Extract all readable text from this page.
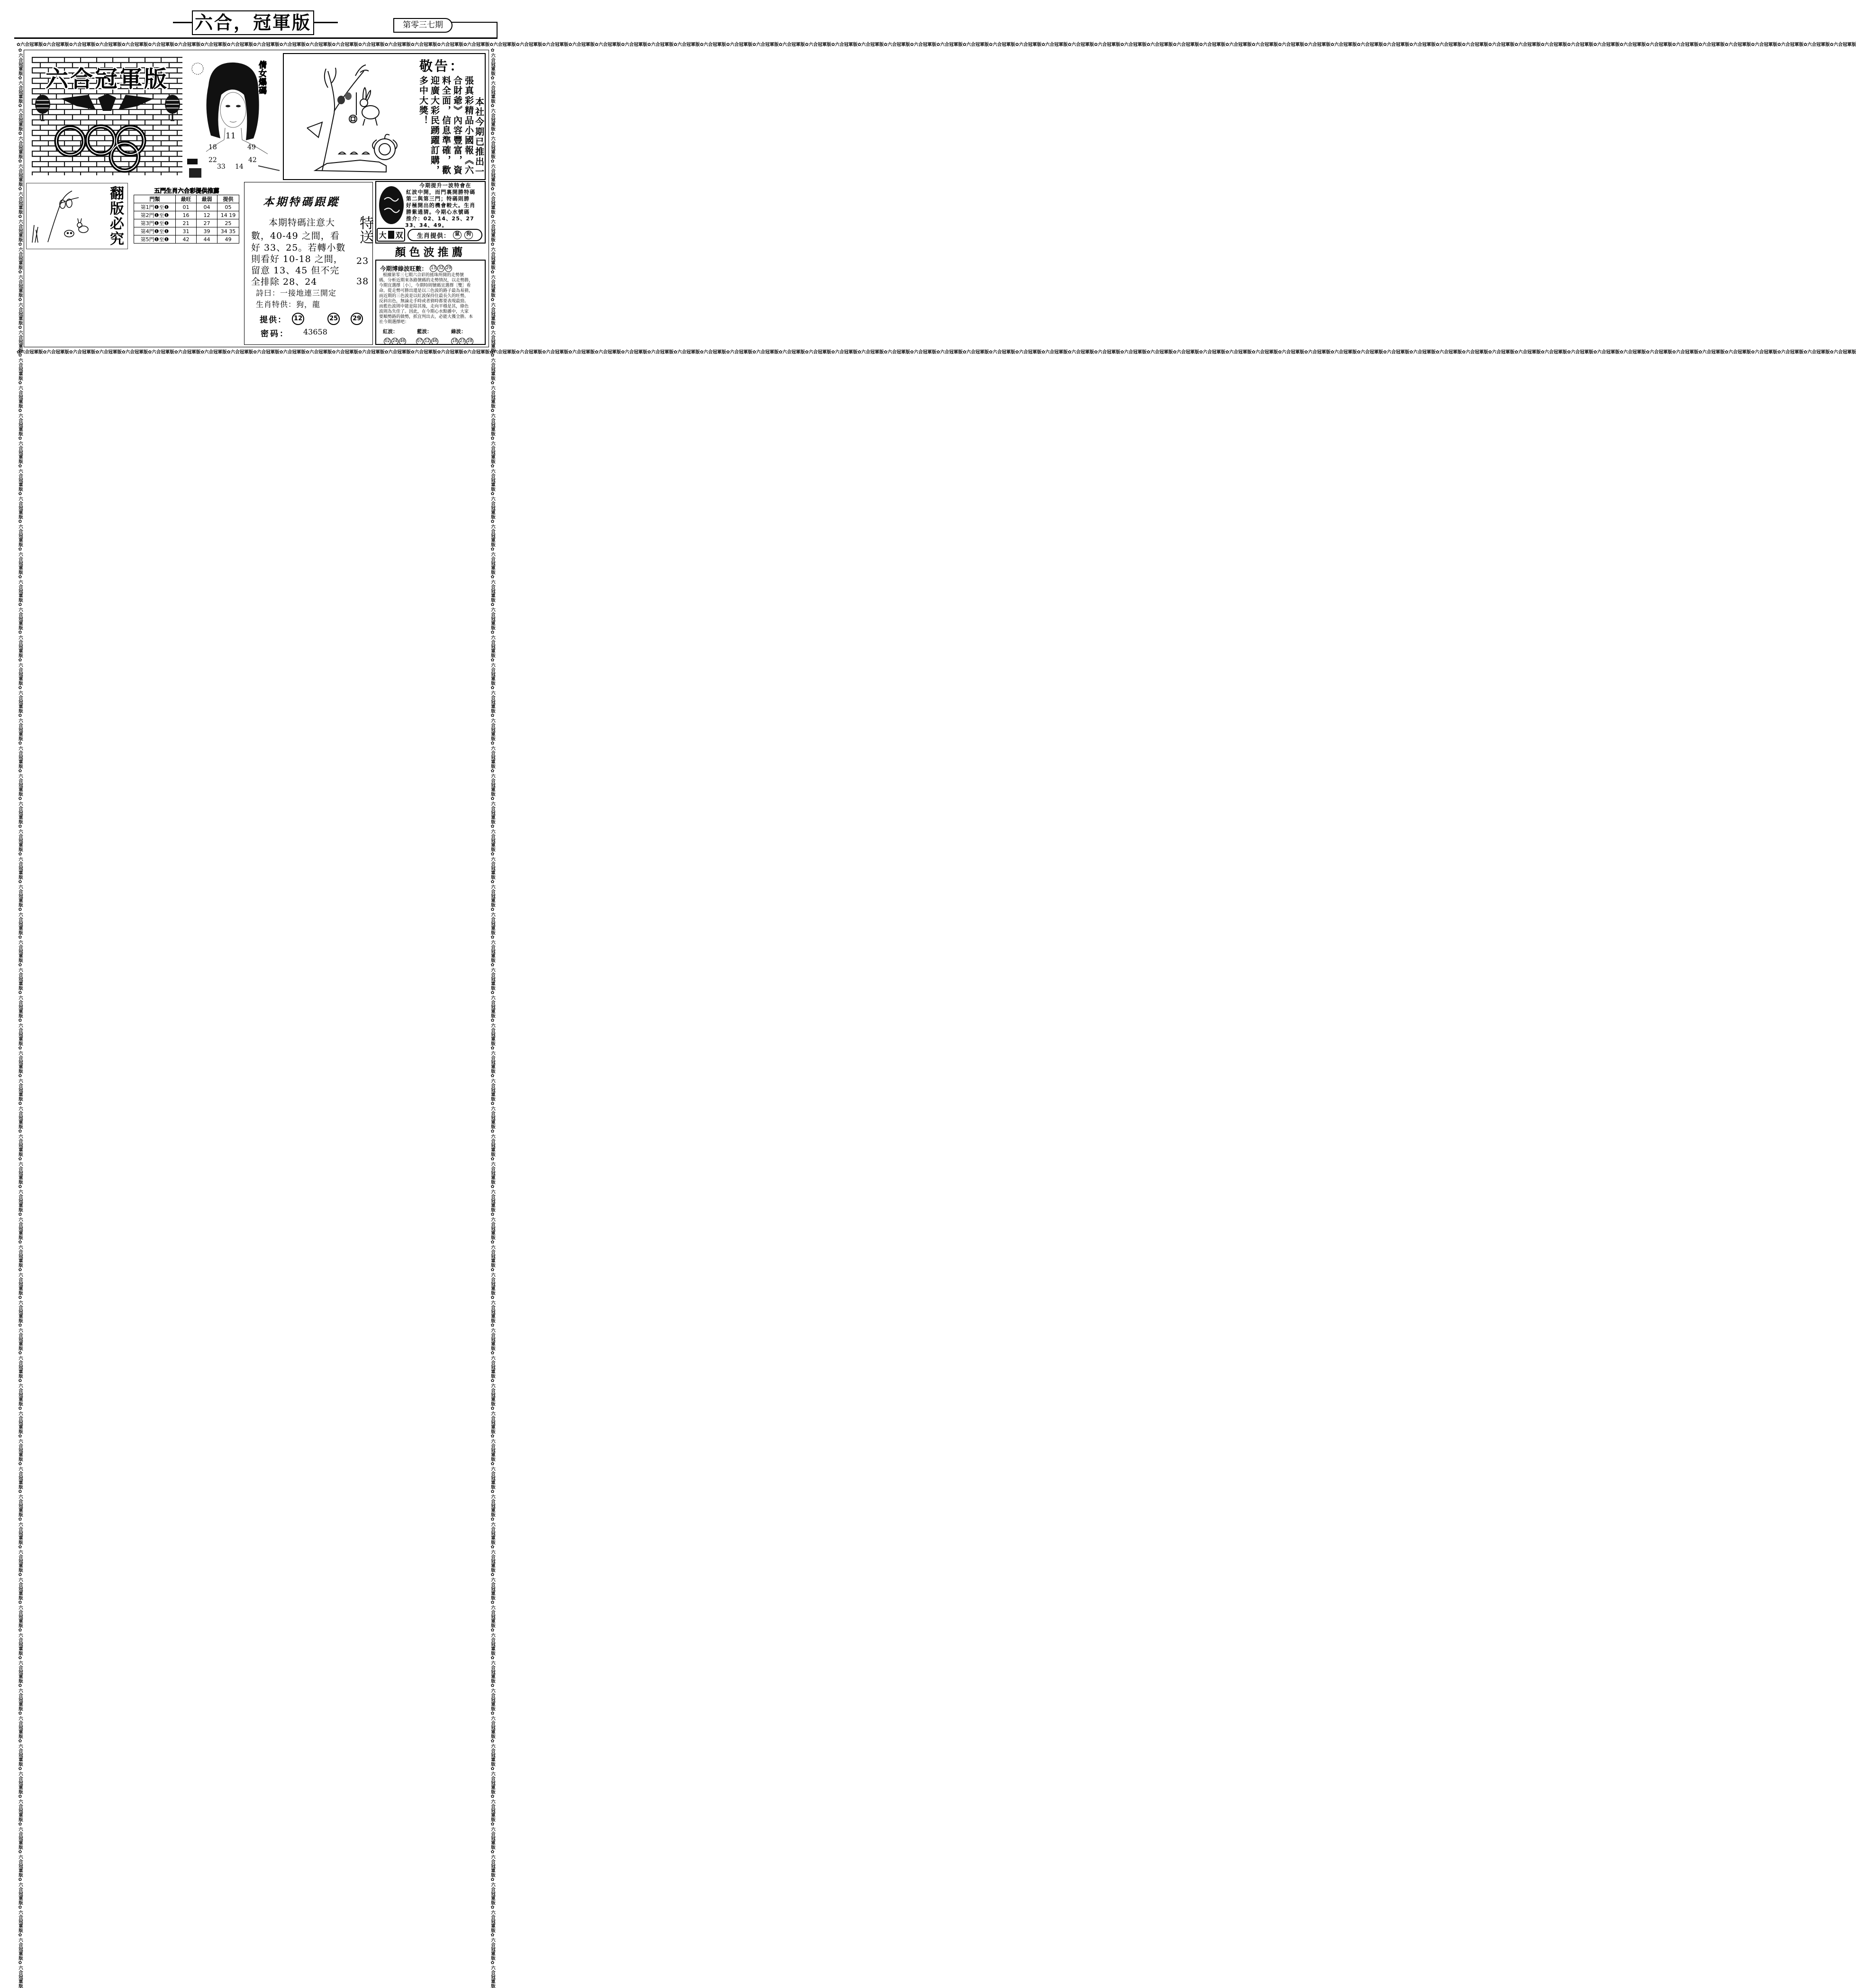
六合，冠軍版	第零三七期
✿六合冠軍版✿六合冠軍版✿六合冠軍版✿六合冠軍版✿六合冠軍版✿六合冠軍版✿六合冠軍版✿六合冠軍版✿六合冠軍版✿六合冠軍版✿六合冠軍版✿六合冠軍版✿六合冠軍版✿六合冠軍版✿六合冠軍版✿六合冠軍版✿六合冠軍版✿六合冠軍版✿六合冠軍版✿六合冠軍版✿六合冠軍版✿六合冠軍版✿六合冠軍版✿六合冠軍版✿六合冠軍版✿六合冠軍版✿六合冠軍版✿六合冠軍版✿六合冠軍版✿六合冠軍版✿六合冠軍版✿六合冠軍版✿六合冠軍版✿六合冠軍版✿六合冠軍版✿六合冠軍版✿六合冠軍版✿六合冠軍版✿六合冠軍版✿六合冠軍版✿六合冠軍版✿六合冠軍版✿六合冠軍版✿六合冠軍版✿六合冠軍版✿六合冠軍版✿六合冠軍版✿六合冠軍版✿六合冠軍版✿六合冠軍版✿六合冠軍版✿六合冠軍版✿六合冠軍版✿六合冠軍版✿六合冠軍版✿六合冠軍版✿六合冠軍版✿六合冠軍版✿六合冠軍版✿六合冠軍版✿六合冠軍版✿六合冠軍版✿六合冠軍版✿六合冠軍版✿六合冠軍版✿六合冠軍版✿六合冠軍版✿六合冠軍版✿六合冠軍版✿六合冠軍版
✿六合冠軍版✿六合冠軍版✿六合冠軍版✿六合冠軍版✿六合冠軍版✿六合冠軍版✿六合冠軍版✿六合冠軍版✿六合冠軍版✿六合冠軍版✿六合冠軍版✿六合冠軍版✿六合冠軍版✿六合冠軍版✿六合冠軍版✿六合冠軍版✿六合冠軍版✿六合冠軍版✿六合冠軍版✿六合冠軍版✿六合冠軍版✿六合冠軍版✿六合冠軍版✿六合冠軍版✿六合冠軍版✿六合冠軍版✿六合冠軍版✿六合冠軍版✿六合冠軍版✿六合冠軍版✿六合冠軍版✿六合冠軍版✿六合冠軍版✿六合冠軍版✿六合冠軍版✿六合冠軍版✿六合冠軍版✿六合冠軍版✿六合冠軍版✿六合冠軍版✿六合冠軍版✿六合冠軍版✿六合冠軍版✿六合冠軍版✿六合冠軍版✿六合冠軍版✿六合冠軍版✿六合冠軍版✿六合冠軍版✿六合冠軍版✿六合冠軍版✿六合冠軍版✿六合冠軍版✿六合冠軍版✿六合冠軍版✿六合冠軍版✿六合冠軍版✿六合冠軍版✿六合冠軍版✿六合冠軍版✿六合冠軍版✿六合冠軍版✿六合冠軍版✿六合冠軍版✿六合冠軍版✿六合冠軍版✿六合冠軍版✿六合冠軍版✿六合冠軍版✿六合冠軍版
✿六合冠軍版✿六合冠軍版✿六合冠軍版✿六合冠軍版✿六合冠軍版✿六合冠軍版✿六合冠軍版✿六合冠軍版✿六合冠軍版✿六合冠軍版✿六合冠軍版✿六合冠軍版✿六合冠軍版✿六合冠軍版✿六合冠軍版✿六合冠軍版✿六合冠軍版✿六合冠軍版✿六合冠軍版✿六合冠軍版✿六合冠軍版✿六合冠軍版✿六合冠軍版✿六合冠軍版✿六合冠軍版✿六合冠軍版✿六合冠軍版✿六合冠軍版✿六合冠軍版✿六合冠軍版✿六合冠軍版✿六合冠軍版✿六合冠軍版✿六合冠軍版✿六合冠軍版✿六合冠軍版✿六合冠軍版✿六合冠軍版✿六合冠軍版✿六合冠軍版✿六合冠軍版✿六合冠軍版✿六合冠軍版✿六合冠軍版✿六合冠軍版✿六合冠軍版✿六合冠軍版✿六合冠軍版✿六合冠軍版✿六合冠軍版✿六合冠軍版✿六合冠軍版✿六合冠軍版✿六合冠軍版✿六合冠軍版✿六合冠軍版✿六合冠軍版✿六合冠軍版✿六合冠軍版✿六合冠軍版✿六合冠軍版✿六合冠軍版✿六合冠軍版✿六合冠軍版✿六合冠軍版✿六合冠軍版✿六合冠軍版✿六合冠軍版✿六合冠軍版✿六合冠軍版	✿六合冠軍版✿六合冠軍版✿六合冠軍版✿六合冠軍版✿六合冠軍版✿六合冠軍版✿六合冠軍版✿六合冠軍版✿六合冠軍版✿六合冠軍版✿六合冠軍版✿六合冠軍版✿六合冠軍版✿六合冠軍版✿六合冠軍版✿六合冠軍版✿六合冠軍版✿六合冠軍版✿六合冠軍版✿六合冠軍版✿六合冠軍版✿六合冠軍版✿六合冠軍版✿六合冠軍版✿六合冠軍版✿六合冠軍版✿六合冠軍版✿六合冠軍版✿六合冠軍版✿六合冠軍版✿六合冠軍版✿六合冠軍版✿六合冠軍版✿六合冠軍版✿六合冠軍版✿六合冠軍版✿六合冠軍版✿六合冠軍版✿六合冠軍版✿六合冠軍版✿六合冠軍版✿六合冠軍版✿六合冠軍版✿六合冠軍版✿六合冠軍版✿六合冠軍版✿六合冠軍版✿六合冠軍版✿六合冠軍版✿六合冠軍版✿六合冠軍版✿六合冠軍版✿六合冠軍版✿六合冠軍版✿六合冠軍版✿六合冠軍版✿六合冠軍版✿六合冠軍版✿六合冠軍版✿六合冠軍版✿六合冠軍版✿六合冠軍版✿六合冠軍版✿六合冠軍版✿六合冠軍版✿六合冠軍版✿六合冠軍版✿六合冠軍版✿六合冠軍版✿六合冠軍版
六合冠軍版	倩女爆碼
11
18	49
22	42
33 14
敬告：
多中大獎！ 迎廣大彩民踴躍訂購， 料全面，信息準確，歡 合財爺》內容豐富，資 張真彩精品小國報《六 本社今期已推出一
翻版必究	五門生肖六合彩提供推薦
門類	最旺	最弱	提供
第1門❶至❶	01	04	05
第2門❶至❶	16	12	14 19
第3門❶至❶	21	27	25
第4門❶至❶	31	39	34 35
第5門❶至❶	42	44	49
本期特碼跟蹤
本期特碼注意大
數，40-49 之間，看
好 33、25。若轉小數
則看好 10-18 之間，
留意 13、45 但不完
全排除 28、24
詩曰：一接地連三開定
生肖特供：狗，龍
特送
23
38
提供： 12	25 29
密码： 43658
今期提升一波特會在
紅波中開，而門裏開勝特碼
第二與第三門；特碼則勝
好極開出的機會較大。生肖
勝紫通猜。今期心水號碼
推介：02、14、25、27
33、34、49。
大 双 生肖提供：	鼠	狗
顏色波推薦
今期博綠波旺數： 13 32 29
根據第零三七期六合彩的搖珠所開的走勢號
碼，分析近期來各路號碼的走勢情況，以走勢勝，
今期宜選擇［小］，今期特則號碼宜選擇［雙］看
命。從走勢可勝出還是以三色波的路子最為易猜，
而近期的三色波是以紅波保持住最長久的旺勢，
反斜出色，無論走手時或者猜時都要表現最勁。
而藍色波則中能是陪其後，走向平穩是其，綠色
波則為失佳了。因此，在今期心水點播中，大家
要順勢路的做勢，抓宜判出去，必能大獲全勝。本
社今期選擇吧：
紅波：	藍波：	綠波：
02 24 46	07 12 46	18 23 28
